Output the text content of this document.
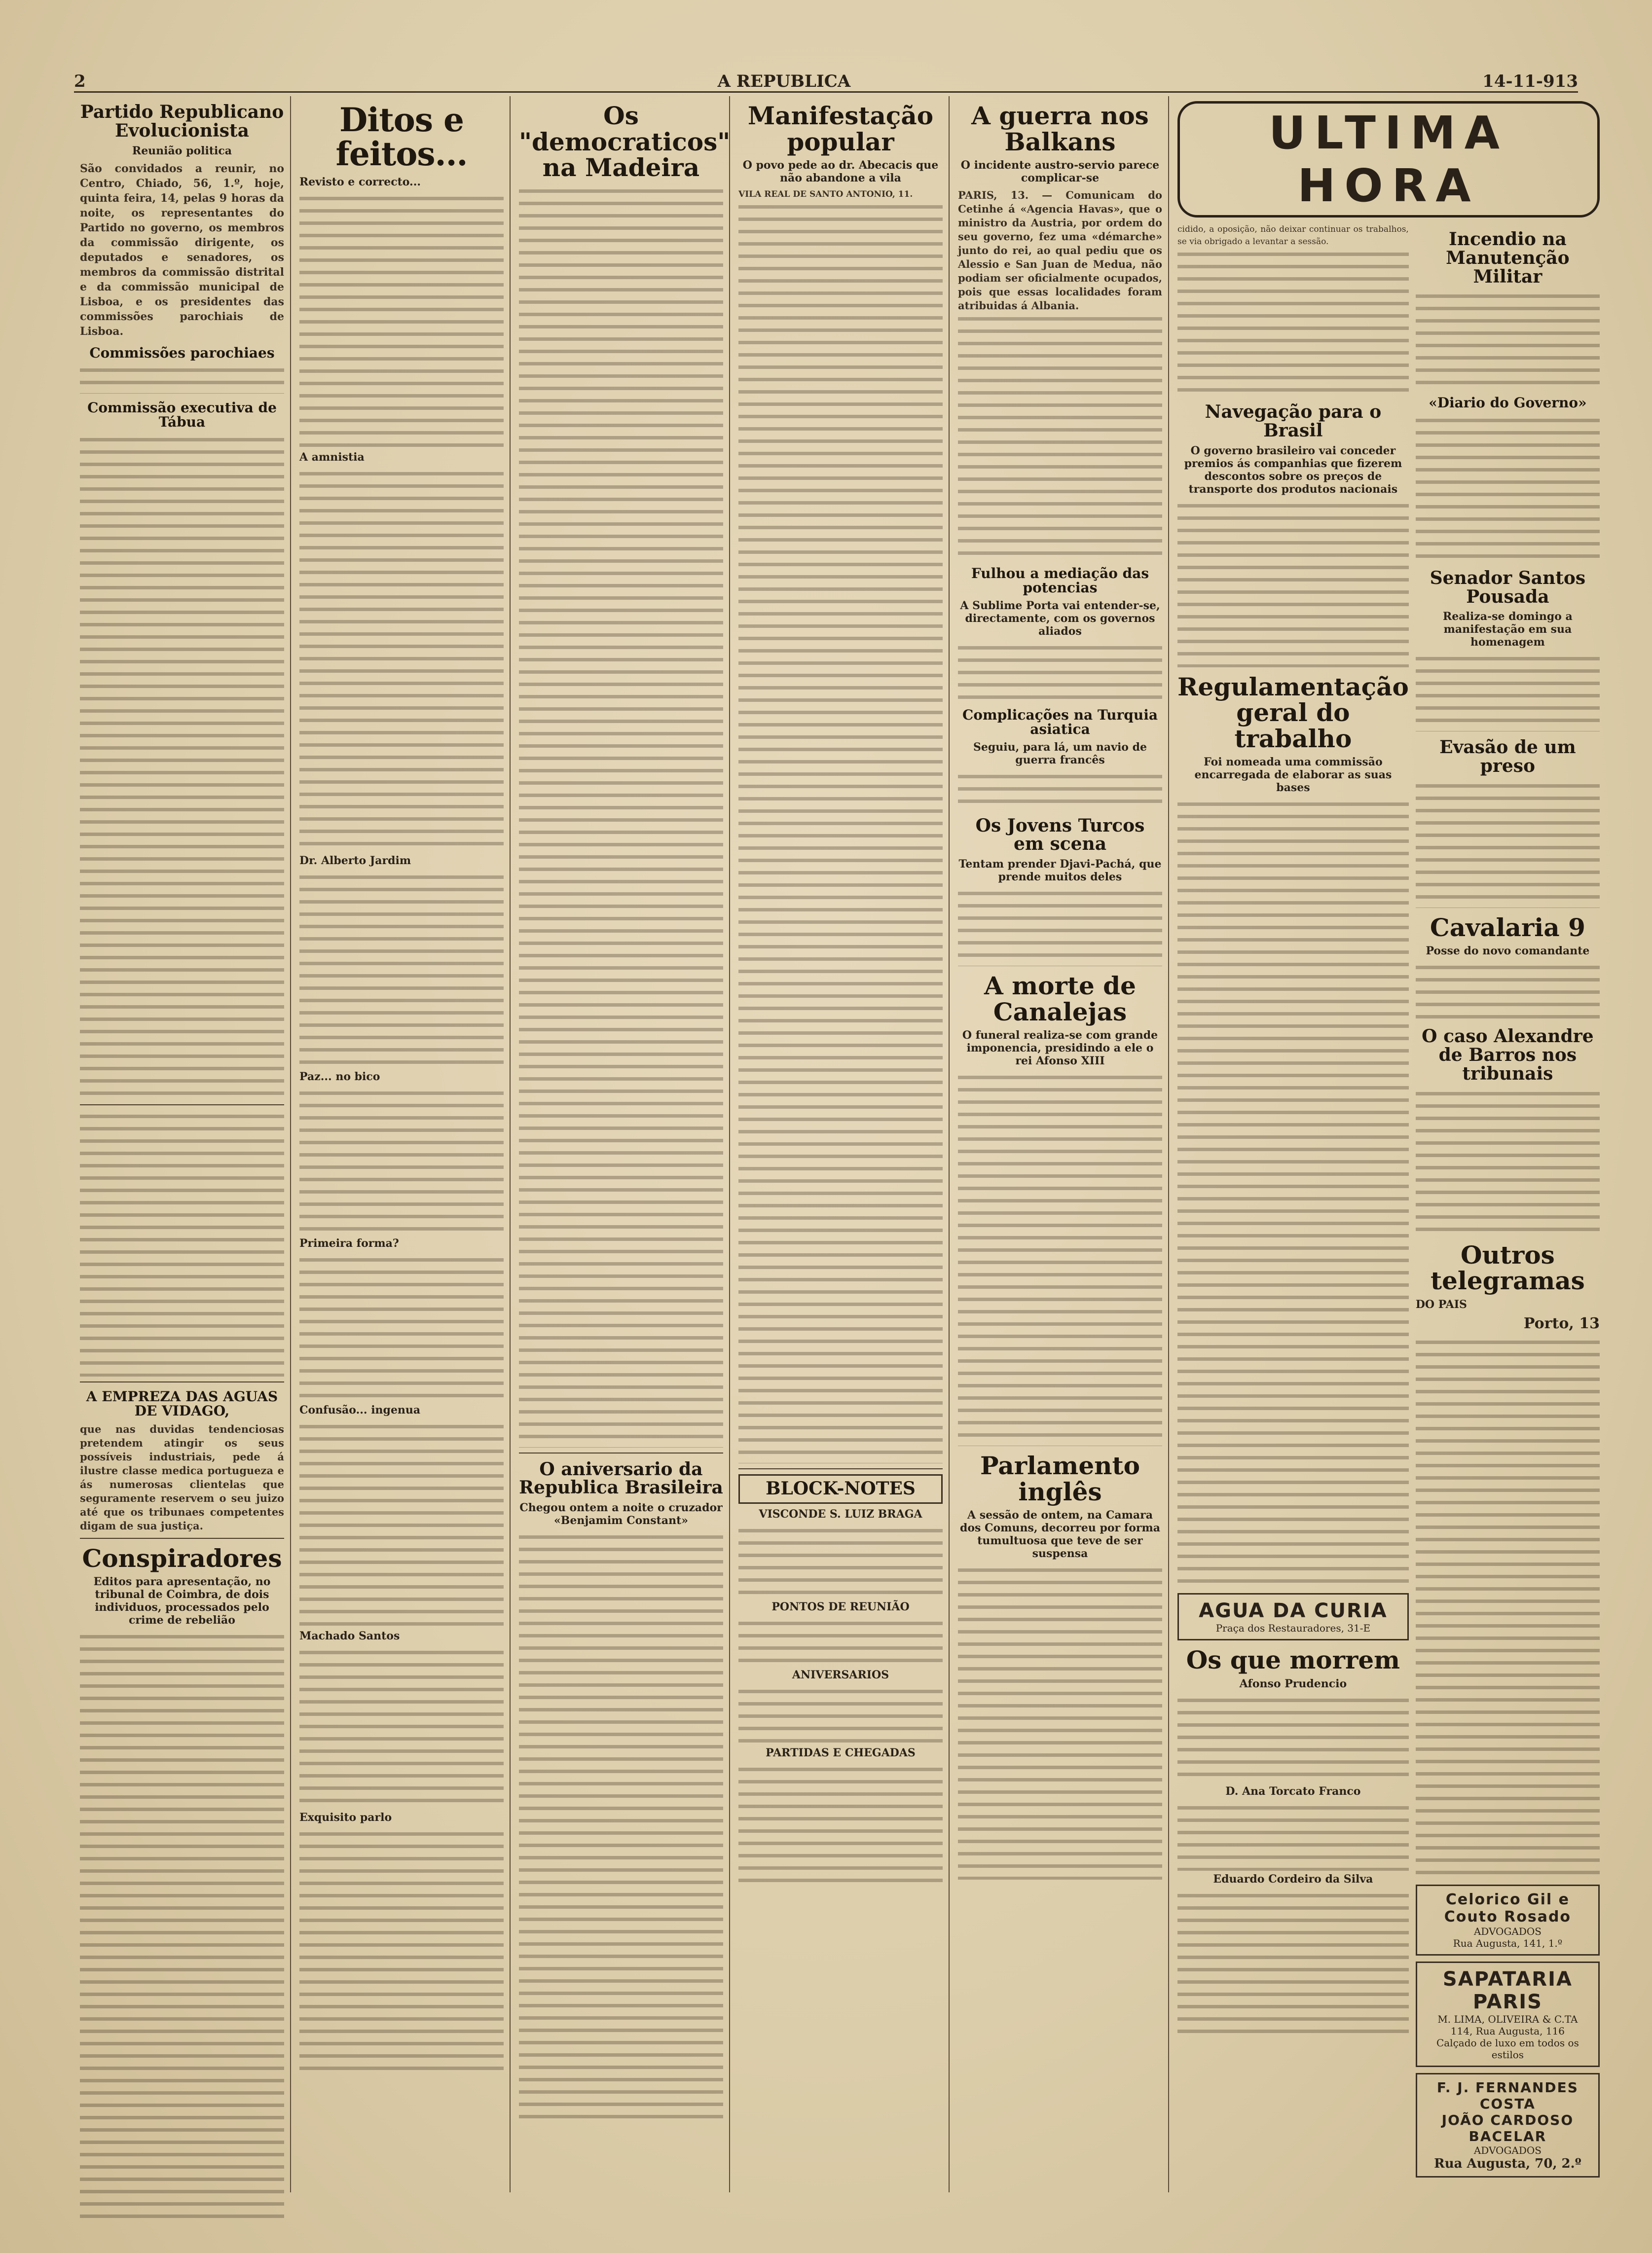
2	A REPUBLICA	14-11-913
Partido Republicano Evolucionista
Reunião politica
São convidados a reunir, no Centro, Chiado, 56, 1.º, hoje, quinta feira, 14, pelas 9 horas da noite, os representantes do Partido no governo, os membros da commissão dirigente, os deputados e senadores, os membros da commissão distrital e da commissão municipal de Lisboa, e os presidentes das commissões parochiais de Lisboa.
Commissões parochiaes
Commissão executiva de Tábua
A EMPREZA DAS AGUAS DE VIDAGO,
que nas duvidas tendenciosas pretendem atingir os seus possíveis industriais, pede á ilustre classe medica portugueza e ás numerosas clientelas que seguramente reservem o seu juizo até que os tribunaes competentes digam de sua justiça.
Conspiradores
Editos para apresentação, no tribunal de Coimbra, de dois individuos, processados pelo crime de rebelião
Ditos e feitos...
Revisto e correcto...
A amnistia
Dr. Alberto Jardim
Paz... no bico
Primeira forma?
Confusão... ingenua
Machado Santos
Exquisito parlo
Os "democraticos" na Madeira
O aniversario da Republica Brasileira
Chegou ontem a noite o cruzador «Benjamim Constant»
Manifestação popular
O povo pede ao dr. Abecacis que não abandone a vila
VILA REAL DE SANTO ANTONIO, 11.
BLOCK-NOTES
VISCONDE S. LUIZ BRAGA
PONTOS DE REUNIÃO
ANIVERSARIOS
PARTIDAS E CHEGADAS
A guerra nos Balkans
O incidente austro-servio parece complicar-se
PARIS, 13. — Comunicam do Cetinhe á «Agencia Havas», que o ministro da Austria, por ordem do seu governo, fez uma «démarche» junto do rei, ao qual pediu que os Alessio e San Juan de Medua, não podiam ser oficialmente ocupados, pois que essas localidades foram atribuidas á Albania.
Fulhou a mediação das potencias
A Sublime Porta vai entender-se, directamente, com os governos aliados
Complicações na Turquia asiatica
Seguiu, para lá, um navio de guerra francês
Os Jovens Turcos em scena
Tentam prender Djavi-Pachá, que prende muitos deles
A morte de Canalejas
O funeral realiza-se com grande imponencia, presidindo a ele o rei Afonso XIII
Parlamento inglês
A sessão de ontem, na Camara dos Comuns, decorreu por forma tumultuosa que teve de ser suspensa
ULTIMA HORA
cidido, a oposição, não deixar continuar os trabalhos, se via obrigado a levantar a sessão.
Navegação para o Brasil
O governo brasileiro vai conceder premios ás companhias que fizerem descontos sobre os preços de transporte dos produtos nacionais
Regulamentação geral do trabalho
Foi nomeada uma commissão encarregada de elaborar as suas bases
AGUA DA CURIA
Praça dos Restauradores, 31-E
Os que morrem
Afonso Prudencio
D. Ana Torcato Franco
Eduardo Cordeiro da Silva
Incendio na Manutenção Militar
«Diario do Governo»
Senador Santos Pousada
Realiza-se domingo a manifestação em sua homenagem
Evasão de um preso
Cavalaria 9
Posse do novo comandante
O caso Alexandre de Barros nos tribunais
Outros telegramas
DO PAIS
Porto, 13
Celorico Gil e Couto Rosado
ADVOGADOS
Rua Augusta, 141, 1.º
SAPATARIA PARIS
M. LIMA, OLIVEIRA & C.TA
114, Rua Augusta, 116
Calçado de luxo em todos os estilos
F. J. FERNANDES COSTA
JOÃO CARDOSO BACELAR
ADVOGADOS
Rua Augusta, 70, 2.º
